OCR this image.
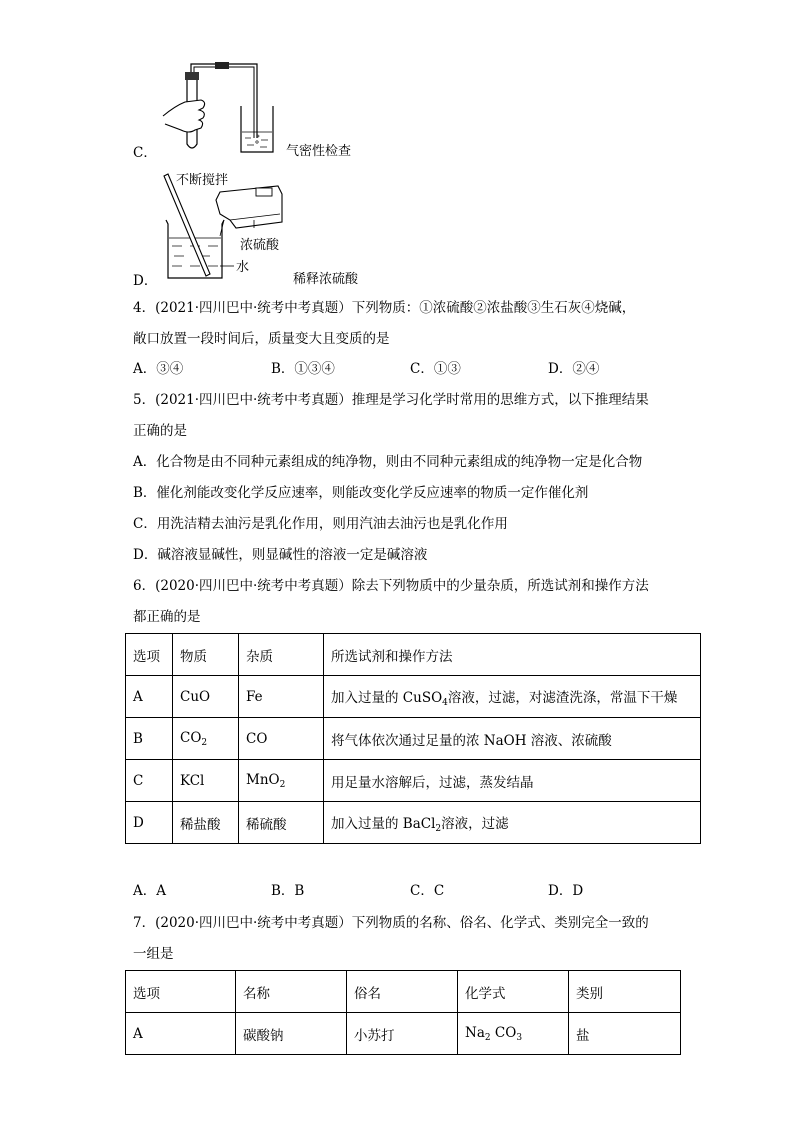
C．	气密性检查
不断搅拌
浓硫酸
水
D．	稀释浓硫酸
4．(2021·四川巴中·统考中考真题）下列物质：①浓硫酸②浓盐酸③生石灰④烧碱，
敞口放置一段时间后，质量变大且变质的是
A．③④	B．①③④	C．①③	D．②④
5．(2021·四川巴中·统考中考真题）推理是学习化学时常用的思维方式，以下推理结果
正确的是
A．化合物是由不同种元素组成的纯净物，则由不同种元素组成的纯净物一定是化合物
B．催化剂能改变化学反应速率，则能改变化学反应速率的物质一定作催化剂
C．用洗洁精去油污是乳化作用，则用汽油去油污也是乳化作用
D．碱溶液显碱性，则显碱性的溶液一定是碱溶液
6．(2020·四川巴中·统考中考真题）除去下列物质中的少量杂质，所选试剂和操作方法
都正确的是
选项	物质	杂质	所选试剂和操作方法
A	CuO	Fe	加入过量的 CuSO$_4$溶液，过滤，对滤渣洗涤，常温下干燥
B	$CO_2$	CO	将气体依次通过足量的浓 NaOH 溶液、浓硫酸
C	KCl	MnO$_2$	用足量水溶解后，过滤，蒸发结晶
D	稀盐酸	稀硫酸	加入过量的 BaCl$_2$溶液，过滤
A．A	B．B	C．C	D．D
7．(2020·四川巴中·统考中考真题）下列物质的名称、俗名、化学式、类别完全一致的
一组是
选项	名称	俗名	化学式	类别
A	碳酸钠	小苏打	$Na_2$ $CO_3$	盐
